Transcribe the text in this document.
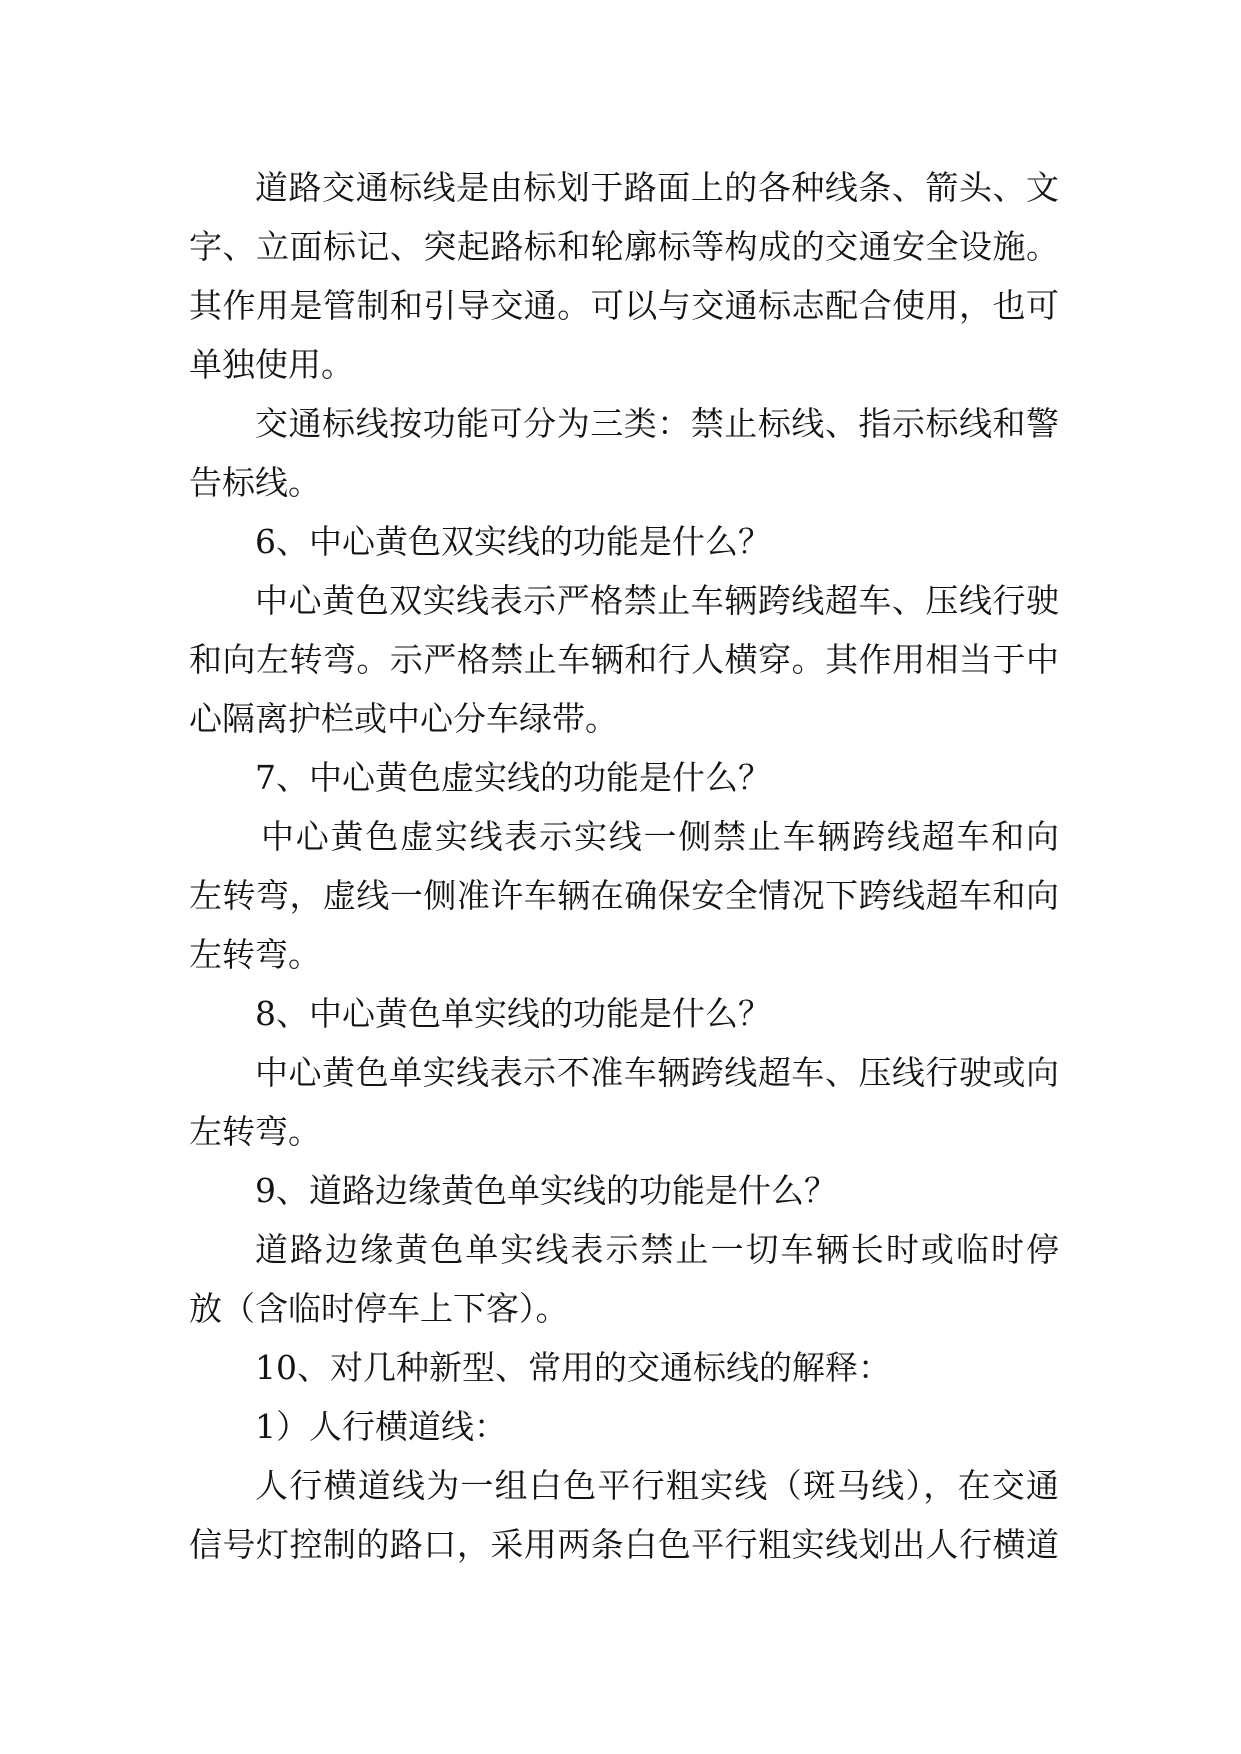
道路交通标线是由标划于路面上的各种线条、箭头、文
字、立面标记、突起路标和轮廓标等构成的交通安全设施。
其作用是管制和引导交通。可以与交通标志配合使用，也可
单独使用。
交通标线按功能可分为三类：禁止标线、指示标线和警
告标线。
6、中心黄色双实线的功能是什么？
中心黄色双实线表示严格禁止车辆跨线超车、压线行驶
和向左转弯。示严格禁止车辆和行人横穿。其作用相当于中
心隔离护栏或中心分车绿带。
7、中心黄色虚实线的功能是什么？
中心黄色虚实线表示实线一侧禁止车辆跨线超车和向
左转弯，虚线一侧准许车辆在确保安全情况下跨线超车和向
左转弯。
8、中心黄色单实线的功能是什么？
中心黄色单实线表示不准车辆跨线超车、压线行驶或向
左转弯。
9、道路边缘黄色单实线的功能是什么？
道路边缘黄色单实线表示禁止一切车辆长时或临时停
放（含临时停车上下客）。
10、对几种新型、常用的交通标线的解释：
1）人行横道线：
人行横道线为一组白色平行粗实线（斑马线），在交通
信号灯控制的路口，采用两条白色平行粗实线划出人行横道
